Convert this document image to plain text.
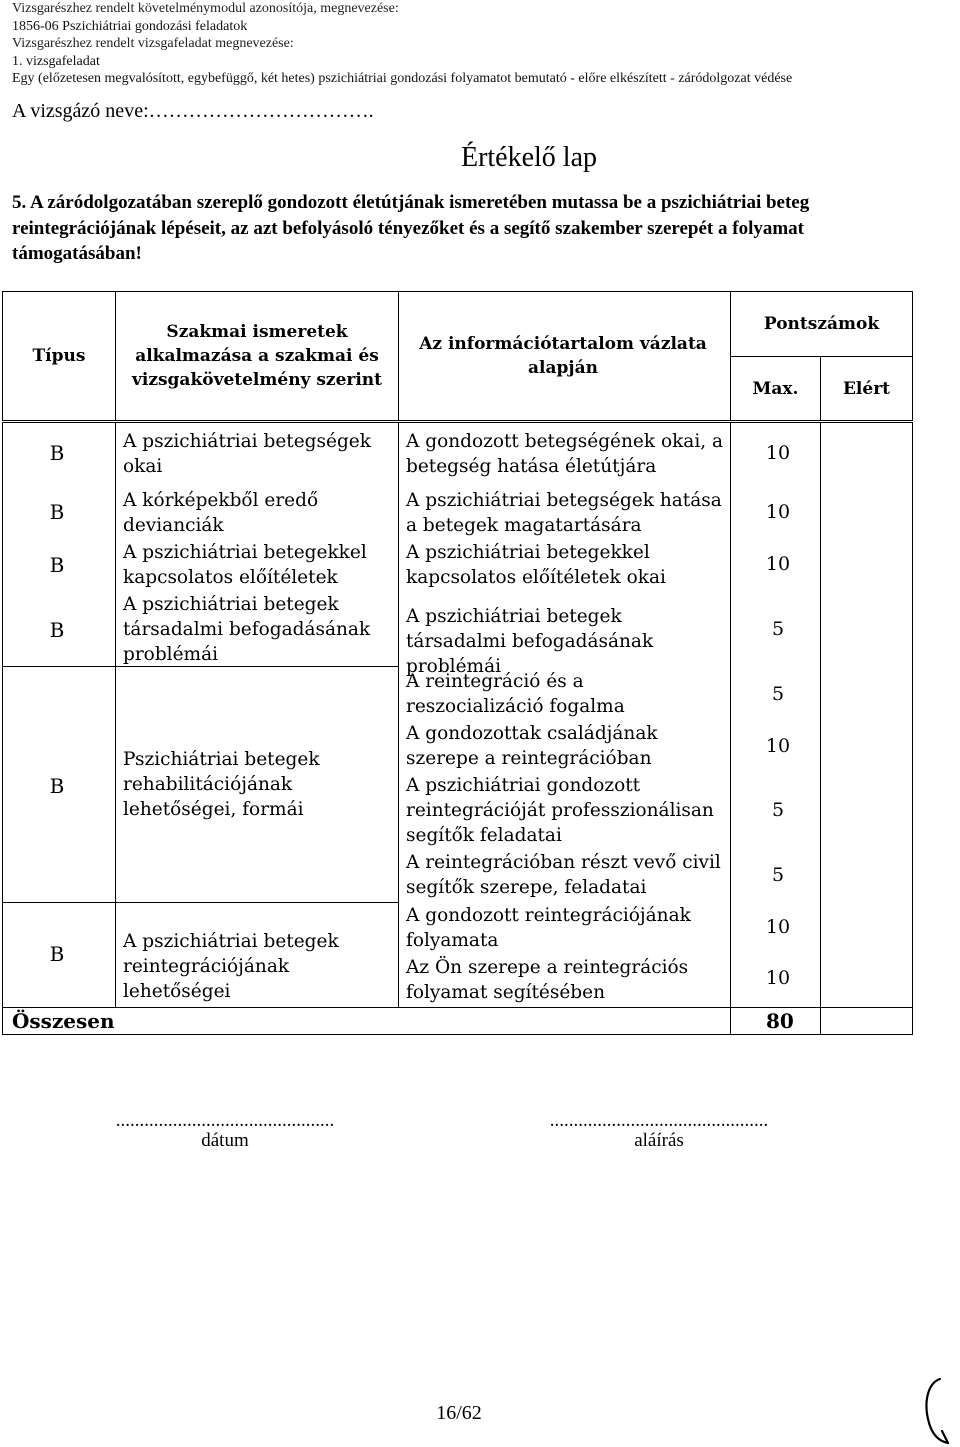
Vizsgarészhez rendelt követelménymodul azonosítója, megnevezése:
1856-06 Pszichiátriai gondozási feladatok
Vizsgarészhez rendelt vizsgafeladat megnevezése:
1. vizsgafeladat
Egy (előzetesen megvalósított, egybefüggő, két hetes) pszichiátriai gondozási folyamatot bemutató - előre elkészített - záródolgozat védése
A vizsgázó neve:…………………………….
Értékelő lap
5. A záródolgozatában szereplő gondozott életútjának ismeretében mutassa be a pszichiátriai beteg reintegrációjának lépéseit, az azt befolyásoló tényezőket és a segítő szakember szerepét a folyamat támogatásában!
Típus
Szakmai ismeretek alkalmazása a szakmai és vizsgakövetelmény szerint
Az információtartalom vázlata alapján
Pontszámok
Max.	Elért
B
B
B
B
B
B
A pszichiátriai betegségek okai
A kórképekből eredő devianciák
A pszichiátriai betegekkel kapcsolatos előítéletek
A pszichiátriai betegek társadalmi befogadásának problémái
Pszichiátriai betegek rehabilitációjának lehetőségei, formái
A pszichiátriai betegek reintegrációjának lehetőségei
A gondozott betegségének okai, a betegség hatása életútjára
A pszichiátriai betegségek hatása a betegek magatartására
A pszichiátriai betegekkel kapcsolatos előítéletek okai
A pszichiátriai betegek társadalmi befogadásának problémái
A reintegráció és a reszocializáció fogalma
A gondozottak családjának szerepe a reintegrációban
A pszichiátriai gondozott reintegrációját professzionálisan segítők feladatai
A reintegrációban részt vevő civil segítők szerepe, feladatai
A gondozott reintegrációjának folyamata
Az Ön szerepe a reintegrációs folyamat segítésében
10
10
10
5
5
10
5
5
10
10
Összesen	80
..............................................
dátum
..............................................
aláírás
16/62
